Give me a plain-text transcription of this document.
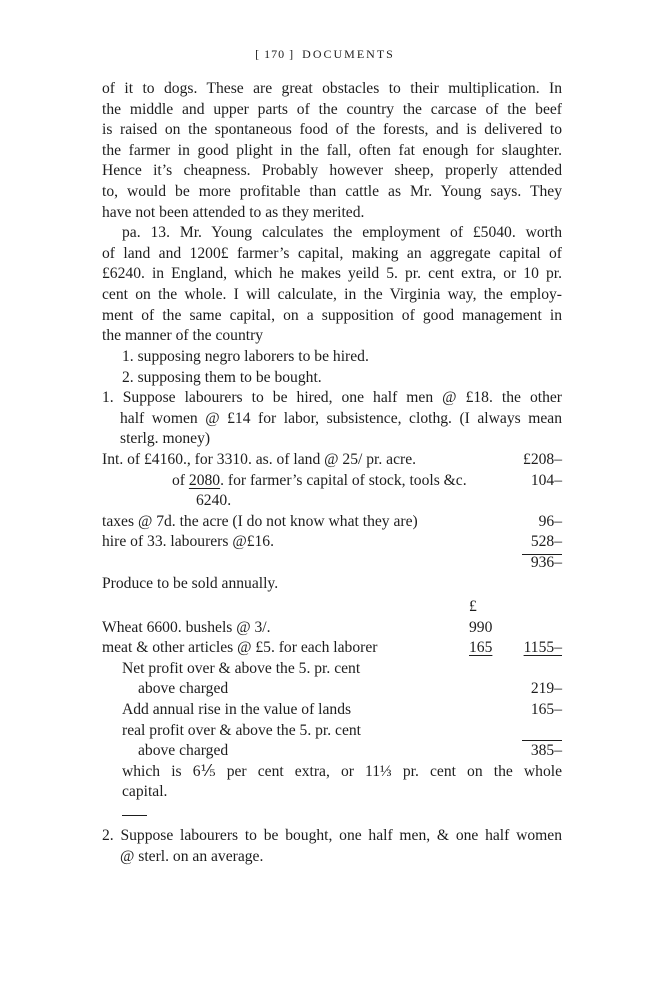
[ 170 ] DOCUMENTS
of it to dogs. These are great obstacles to their multiplication. In
the middle and upper parts of the country the carcase of the beef
is raised on the spontaneous food of the forests, and is delivered to
the farmer in good plight in the fall, often fat enough for slaughter.
Hence it’s cheapness. Probably however sheep, properly attended
to, would be more profitable than cattle as Mr. Young says. They
have not been attended to as they merited.
pa. 13. Mr. Young calculates the employment of £5040. worth
of land and 1200£ farmer’s capital, making an aggregate capital of
£6240. in England, which he makes yeild 5. pr. cent extra, or 10 pr.
cent on the whole. I will calculate, in the Virginia way, the employ-
ment of the same capital, on a supposition of good management in
the manner of the country
1. supposing negro laborers to be hired.
2. supposing them to be bought.
1. Suppose labourers to be hired, one half men @ £18. the other
half women @ £14 for labor, subsistence, clothg. (I always mean
sterlg. money)
Int. of £4160., for 3310. as. of land @ 25/ pr. acre.	£208–
of 2080. for farmer’s capital of stock, tools &c.	104–
6240.
taxes @ 7d. the acre (I do not know what they are)	96–
hire of 33. labourers @£16.	528–
936–
Produce to be sold annually.
£
Wheat 6600. bushels @ 3/.	990
meat & other articles @ £5. for each laborer	165	1155–
Net profit over & above the 5. pr. cent
above charged	219–
Add annual rise in the value of lands	165–
real profit over & above the 5. pr. cent
above charged	385–
which is 6⅕ per cent extra, or 11⅓ pr. cent on the whole
capital.
2. Suppose labourers to be bought, one half men, & one half women
@ sterl. on an average.
